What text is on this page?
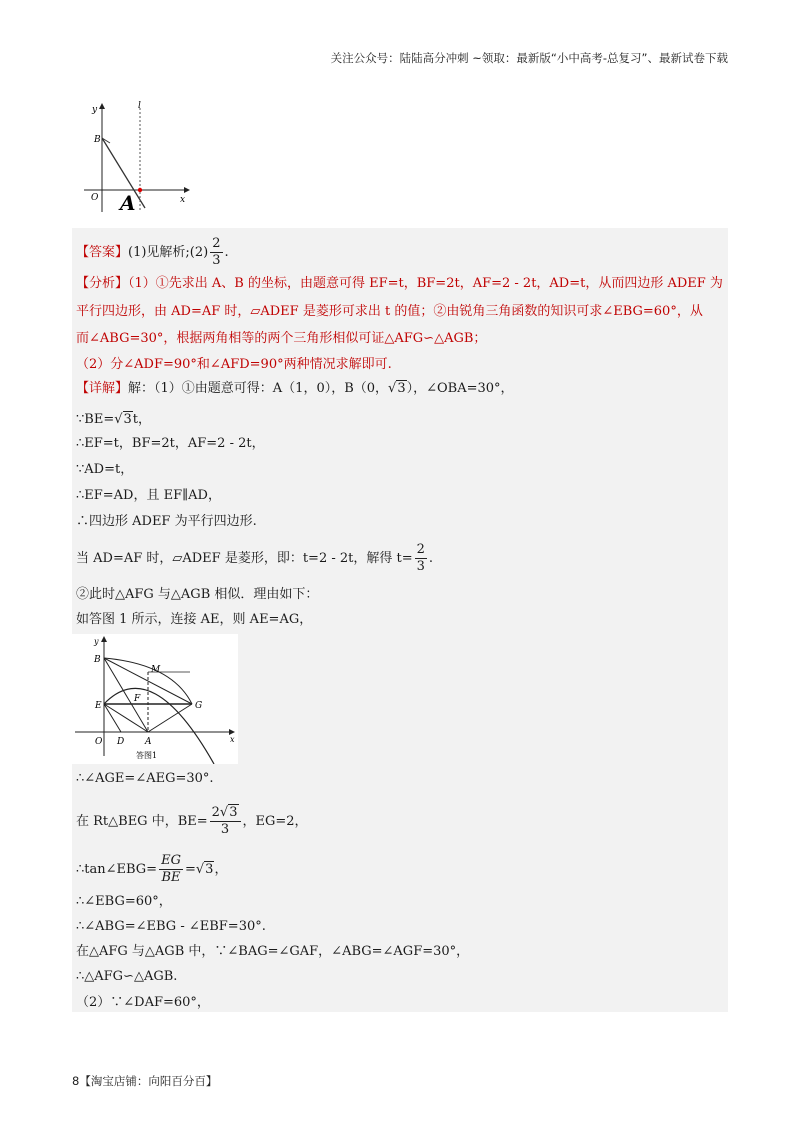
关注公众号：陆陆高分冲刺 ~领取：最新版“小中高考-总复习”、最新试卷下载
y	l
B
O A	x
【答案】(1)见解析;(2) $\frac{2}{3}$ .
【分析】（1）①先求出 A、B 的坐标，由题意可得 EF=t，BF=2t，AF=2 - 2t，AD=t，从而四边形 ADEF 为
平行四边形，由 AD=AF 时，▱ADEF 是菱形可求出 t 的值；②由锐角三角函数的知识可求∠EBG=60°，从
而∠ABG=30°，根据两角相等的两个三角形相似可证△AFG∽△AGB；
（2）分∠ADF=90°和∠AFD=90°两种情况求解即可.
【详解】解：（1）①由题意可得：A（1，0），B（0，√3），∠OBA=30°，
∵BE=√3t，
∴EF=t，BF=2t，AF=2 - 2t，
∵AD=t，
∴EF=AD，且 EF∥AD，
∴四边形 ADEF 为平行四边形.
当 AD=AF 时，▱ADEF 是菱形，即：t=2 - 2t，解得 $t= \frac{2}{3}$ .
②此时△AFG 与△AGB 相似．理由如下：
如答图 1 所示，连接 AE，则 AE=AG，
y
B
M
E
F
G
O D A	x
答图1
∴∠AGE=∠AEG=30°.
在 Rt△BEG 中，$BE= \frac{2√3}{3}$ ，EG=2，
∴tan∠EBG= $\frac{EG}{BE} =√3$，
∴∠EBG=60°，
∴∠ABG=∠EBG - ∠EBF=30°.
在△AFG 与△AGB 中，∵∠BAG=∠GAF，∠ABG=∠AGF=30°，
∴△AFG∽△AGB.
（2）∵∠DAF=60°，
8【淘宝店铺：向阳百分百】
